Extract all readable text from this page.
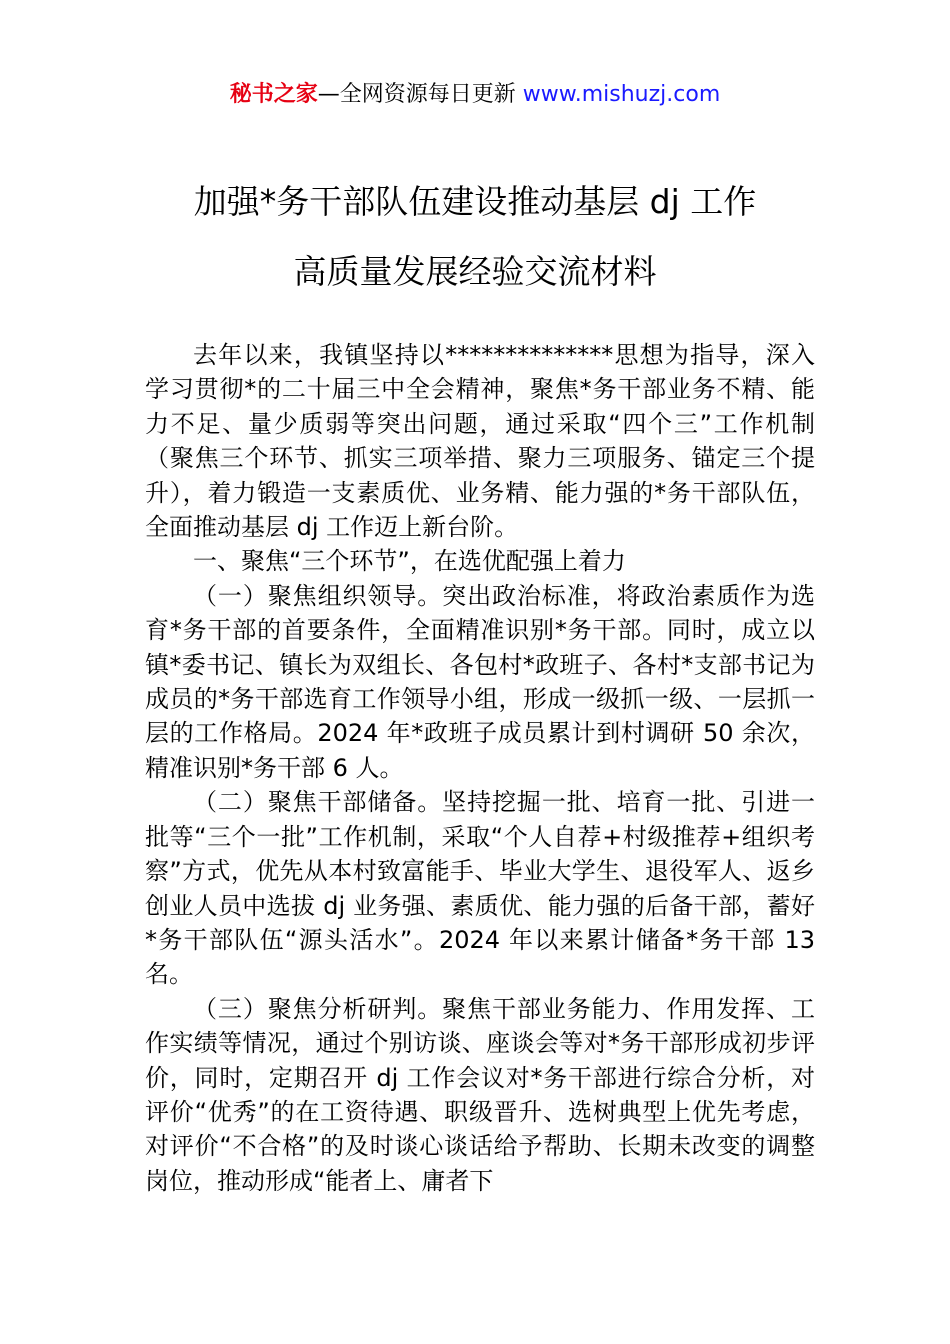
秘书之家—全网资源每日更新 www.mishuzj.com
加强*务干部队伍建设推动基层 dj 工作
高质量发展经验交流材料

去年以来，我镇坚持以**************思想为指导，深入学习贯彻*的二十届三中全会精神，聚焦*务干部业务不精、能力不足、量少质弱等突出问题，通过采取“四个三”工作机制（聚焦三个环节、抓实三项举措、聚力三项服务、锚定三个提升），着力锻造一支素质优、业务精、能力强的*务干部队伍，全面推动基层 dj 工作迈上新台阶。

一、聚焦“三个环节”，在选优配强上着力

（一）聚焦组织领导。突出政治标准，将政治素质作为选育*务干部的首要条件，全面精准识别*务干部。同时，成立以镇*委书记、镇长为双组长、各包村*政班子、各村*支部书记为成员的*务干部选育工作领导小组，形成一级抓一级、一层抓一层的工作格局。2024 年*政班子成员累计到村调研 50 余次，精准识别*务干部 6 人。

（二）聚焦干部储备。坚持挖掘一批、培育一批、引进一批等“三个一批”工作机制，采取“个人自荐+村级推荐+组织考察”方式，优先从本村致富能手、毕业大学生、退役军人、返乡创业人员中选拔 dj 业务强、素质优、能力强的后备干部，蓄好*务干部队伍“源头活水”。2024 年以来累计储备*务干部 13 名。

（三）聚焦分析研判。聚焦干部业务能力、作用发挥、工作实绩等情况，通过个别访谈、座谈会等对*务干部形成初步评价，同时，定期召开 dj 工作会议对*务干部进行综合分析，对评价“优秀”的在工资待遇、职级晋升、选树典型上优先考虑，对评价“不合格”的及时谈心谈话给予帮助、长期未改变的调整岗位，推动形成“能者上、庸者下
